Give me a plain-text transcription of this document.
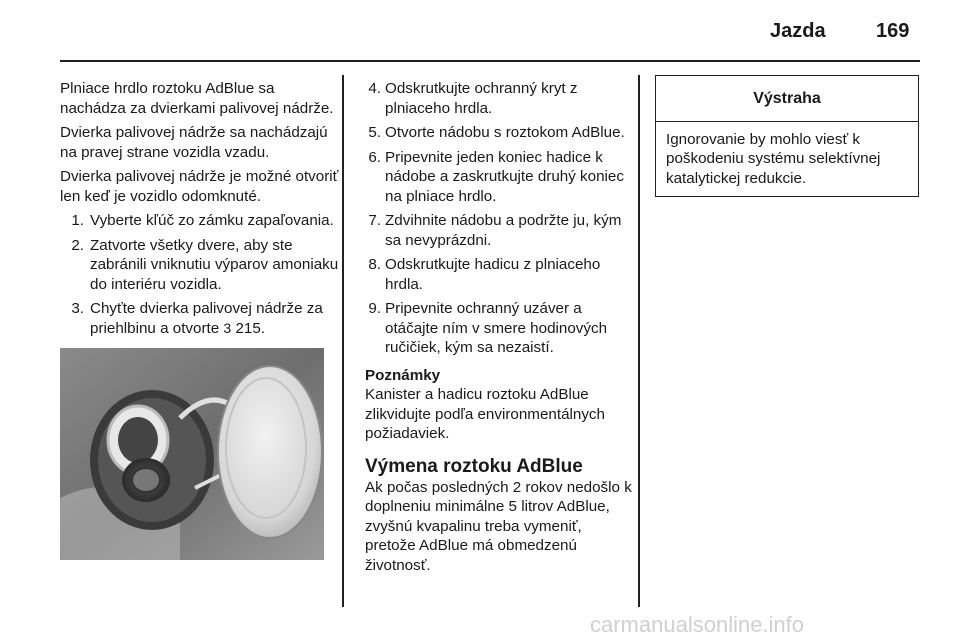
Jazda	169

Plniace hrdlo roztoku AdBlue sa nachádza za dvierkami palivovej nádrže.

Dvierka palivovej nádrže sa nachádzajú na pravej strane vozidla vzadu.

Dvierka palivovej nádrže je možné otvoriť len keď je vozidlo odomknuté.

1. Vyberte kľúč zo zámku zapaľovania.
2. Zatvorte všetky dvere, aby ste zabránili vniknutiu výparov amoniaku do interiéru vozidla.
3. Chyťte dvierka palivovej nádrže za priehlbinu a otvorte 3 215.
4. Odskrutkujte ochranný kryt z plniaceho hrdla.
5. Otvorte nádobu s roztokom AdBlue.
6. Pripevnite jeden koniec hadice k nádobe a zaskrutkujte druhý koniec na plniace hrdlo.
7. Zdvihnite nádobu a podržte ju, kým sa nevyprázdni.
8. Odskrutkujte hadicu z plniaceho hrdla.
9. Pripevnite ochranný uzáver a otáčajte ním v smere hodinových ručičiek, kým sa nezaistí.
Poznámky
Kanister a hadicu roztoku AdBlue zlikvidujte podľa environmentálnych požiadaviek.
Výmena roztoku AdBlue
Ak počas posledných 2 rokov nedošlo k doplneniu minimálne 5 litrov AdBlue, zvyšnú kvapalinu treba vymeniť, pretože AdBlue má obmedzenú životnosť.
Výstraha
Ignorovanie by mohlo viesť k poškodeniu systému selektívnej katalytickej redukcie.
carmanualsonline.info
